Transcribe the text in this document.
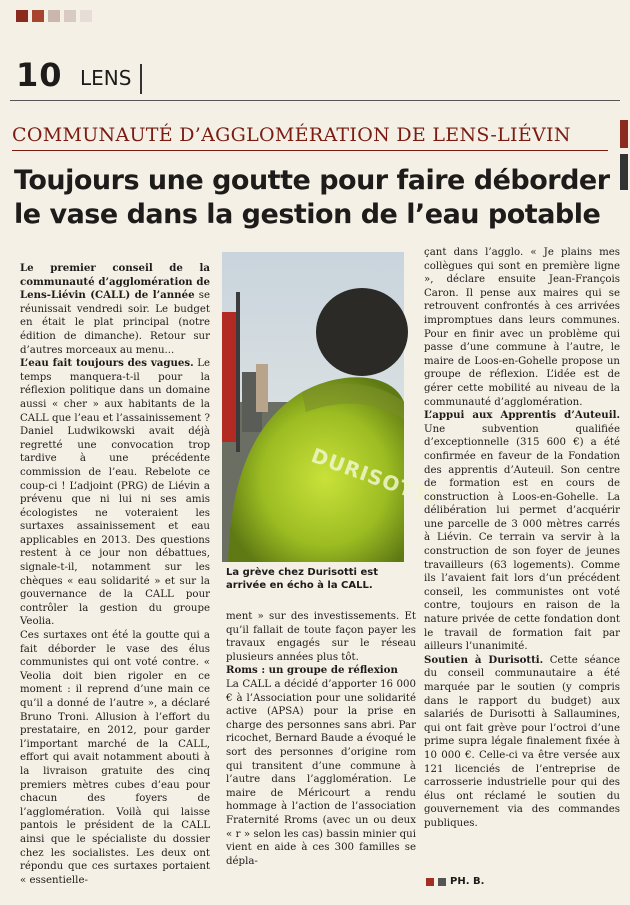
10 LENS
COMMUNAUTÉ D’AGGLOMÉRATION DE LENS-LIÉVIN
Toujours une goutte pour faire déborder
le vase dans la gestion de l’eau potable

Le premier conseil de la communauté d’agglomération de Lens-Liévin (CALL) de l’année se réunissait vendredi soir. Le budget en était le plat principal (notre édition de dimanche). Retour sur d’autres morceaux au menu...

L’eau fait toujours des vagues. Le temps manquera-t-il pour la réflexion politique dans un domaine aussi « cher » aux habitants de la CALL que l’eau et l’assainissement ? Daniel Ludwikowski avait déjà regretté une convocation trop tardive à une précédente commission de l’eau. Rebelote ce coup-ci ! L’adjoint (PRG) de Liévin a prévenu que ni lui ni ses amis écologistes ne voteraient les surtaxes assainissement et eau applicables en 2013. Des questions restent à ce jour non débattues, signale-t-il, notamment sur les chèques « eau solidarité » et sur la gouvernance de la CALL pour contrôler la gestion du groupe Veolia.

Ces surtaxes ont été la goutte qui a fait déborder le vase des élus communistes qui ont voté contre. « Veolia doit bien rigoler en ce moment : il reprend d’une main ce qu’il a donné de l’autre », a déclaré Bruno Troni. Allusion à l’effort du prestataire, en 2012, pour garder l’important marché de la CALL, effort qui avait notamment abouti à la livraison gratuite des cinq premiers mètres cubes d’eau pour chacun des foyers de l’agglomération. Voilà qui laisse pantois le président de la CALL ainsi que le spécialiste du dossier chez les socialistes. Les deux ont répondu que ces surtaxes portaient « essentielle-

DURISOTTI
La grève chez Durisotti est arrivée en écho à la CALL.

ment » sur des investissements. Et qu’il fallait de toute façon payer les travaux engagés sur le réseau plusieurs années plus tôt.

Roms : un groupe de réflexion

La CALL a décidé d’apporter 16 000 € à l’Association pour une solidarité active (APSA) pour la prise en charge des personnes sans abri. Par ricochet, Bernard Baude a évoqué le sort des personnes d’origine rom qui transitent d’une commune à l’autre dans l’agglomération. Le maire de Méricourt a rendu hommage à l’action de l’association Fraternité Rroms (avec un ou deux « r » selon les cas) bassin minier qui vient en aide à ces 300 familles se dépla-

çant dans l’agglo. « Je plains mes collègues qui sont en première ligne », déclare ensuite Jean-François Caron. Il pense aux maires qui se retrouvent confrontés à ces arrivées impromptues dans leurs communes. Pour en finir avec un problème qui passe d’une commune à l’autre, le maire de Loos-en-Gohelle propose un groupe de réflexion. L’idée est de gérer cette mobilité au niveau de la communauté d’agglomération.

L’appui aux Apprentis d’Auteuil. Une subvention qualifiée d’exceptionnelle (315 600 €) a été confirmée en faveur de la Fondation des apprentis d’Auteuil. Son centre de formation est en cours de construction à Loos-en-Gohelle. La délibération lui permet d’acquérir une parcelle de 3 000 mètres carrés à Liévin. Ce terrain va servir à la construction de son foyer de jeunes travailleurs (63 logements). Comme ils l’avaient fait lors d’un précédent conseil, les communistes ont voté contre, toujours en raison de la nature privée de cette fondation dont le travail de formation fait par ailleurs l’unanimité.

Soutien à Durisotti. Cette séance du conseil communautaire a été marquée par le soutien (y compris dans le rapport du budget) aux salariés de Durisotti à Sallaumines, qui ont fait grève pour l’octroi d’une prime supra légale finalement fixée à 10 000 €. Celle-ci va être versée aux 121 licenciés de l’entreprise de carrosserie industrielle pour qui des élus ont réclamé le soutien du gouvernement via des commandes publiques.

PH. B.
